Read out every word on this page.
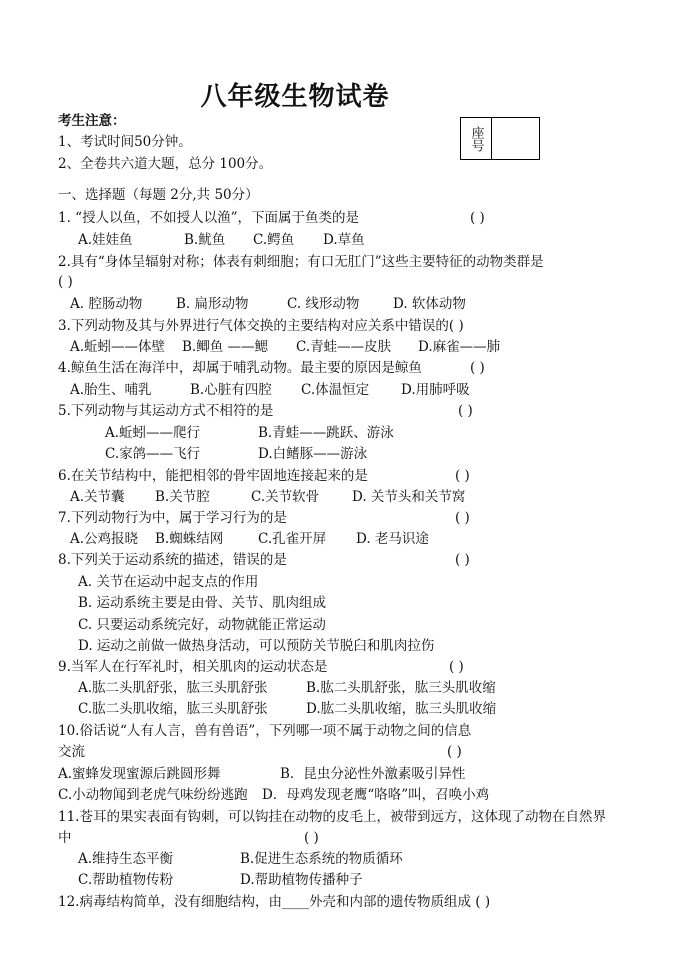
八年级生物试卷
座号
考生注意：
1、考试时间50分钟。
2、全卷共六道大题，总分 100分。
一、选择题（每题 2分,共 50分）
1. “授人以鱼，不如授人以渔”，下面属于鱼类的是	( )
A.娃娃鱼	B.鱿鱼 C.鳄鱼 D.草鱼
2.具有“身体呈辐射对称；体表有刺细胞；有口无肛门”这些主要特征的动物类群是
( )
A. 腔肠动物 B. 扁形动物	C. 线形动物 D. 软体动物
3.下列动物及其与外界进行气体交换的主要结构对应关系中错误的( )
A.蚯蚓——体壁 B.鲫鱼 ——鳃 C.青蛙——皮肤 D.麻雀——肺
4.鲸鱼生活在海洋中，却属于哺乳动物。最主要的原因是鲸鱼	( )
A.胎生、哺乳	B.心脏有四腔 C.体温恒定 D.用肺呼吸
5.下列动物与其运动方式不相符的是	( )
A.蚯蚓——爬行	B.青蛙——跳跃、游泳
C.家鸽——飞行	D.白鳍豚——游泳
6.在关节结构中，能把相邻的骨牢固地连接起来的是	( )
A.关节囊 B.关节腔	C.关节软骨 D. 关节头和关节窝
7.下列动物行为中，属于学习行为的是	( )
A.公鸡报晓 B.蜘蛛结网	C.孔雀开屏 D. 老马识途
8.下列关于运动系统的描述，错误的是	( )
A. 关节在运动中起支点的作用
B. 运动系统主要是由骨、关节、肌肉组成
C. 只要运动系统完好，动物就能正常运动
D. 运动之前做一做热身活动，可以预防关节脱臼和肌肉拉伤
9.当军人在行军礼时，相关肌肉的运动状态是	( )
A.肱二头肌舒张，肱三头肌舒张	B.肱二头肌舒张，肱三头肌收缩
C.肱二头肌收缩，肱三头肌舒张	D.肱二头肌收缩，肱三头肌收缩
10.俗话说“人有人言，兽有兽语”，下列哪一项不属于动物之间的信息
交流	( )
A.蜜蜂发现蜜源后跳圆形舞	B．昆虫分泌性外激素吸引异性
C.小动物闻到老虎气味纷纷逃跑 D．母鸡发现老鹰“咯咯”叫，召唤小鸡
11.苍耳的果实表面有钩刺，可以钩挂在动物的皮毛上，被带到远方，这体现了动物在自然界
中	( )
A.维持生态平衡	B.促进生态系统的物质循环
C.帮助植物传粉	D.帮助植物传播种子
12.病毒结构简单，没有细胞结构，由____外壳和内部的遗传物质组成 ( )
